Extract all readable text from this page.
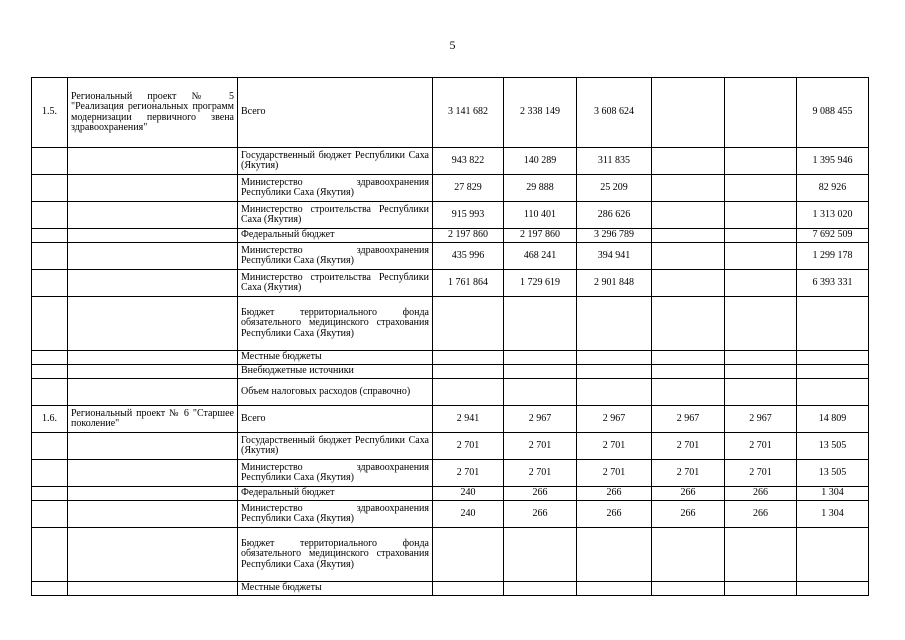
5
1.5.	Региональный проект № 5 "Реализация региональных программ модернизации первичного звена здравоохранения"	Всего	3 141 682	2 338 149	3 608 624			9 088 455
		Государственный бюджет Республики Саха (Якутия)	943 822	140 289	311 835			1 395 946
		Министерство здравоохранения Республики Саха (Якутия)	27 829	29 888	25 209			82 926
		Министерство строительства Республики Саха (Якутия)	915 993	110 401	286 626			1 313 020
		Федеральный бюджет	2 197 860	2 197 860	3 296 789			7 692 509
		Министерство здравоохранения Республики Саха (Якутия)	435 996	468 241	394 941			1 299 178
		Министерство строительства Республики Саха (Якутия)	1 761 864	1 729 619	2 901 848			6 393 331
		Бюджет территориального фонда обязательного медицинского страхования Республики Саха (Якутия)						
		Местные бюджеты						
		Внебюджетные источники						
		Объем налоговых расходов (справочно)						
1.6.	Региональный проект № 6 "Старшее поколение"	Всего	2 941	2 967	2 967	2 967	2 967	14 809
		Государственный бюджет Республики Саха (Якутия)	2 701	2 701	2 701	2 701	2 701	13 505
		Министерство здравоохранения Республики Саха (Якутия)	2 701	2 701	2 701	2 701	2 701	13 505
		Федеральный бюджет	240	266	266	266	266	1 304
		Министерство здравоохранения Республики Саха (Якутия)	240	266	266	266	266	1 304
		Бюджет территориального фонда обязательного медицинского страхования Республики Саха (Якутия)						
		Местные бюджеты						
